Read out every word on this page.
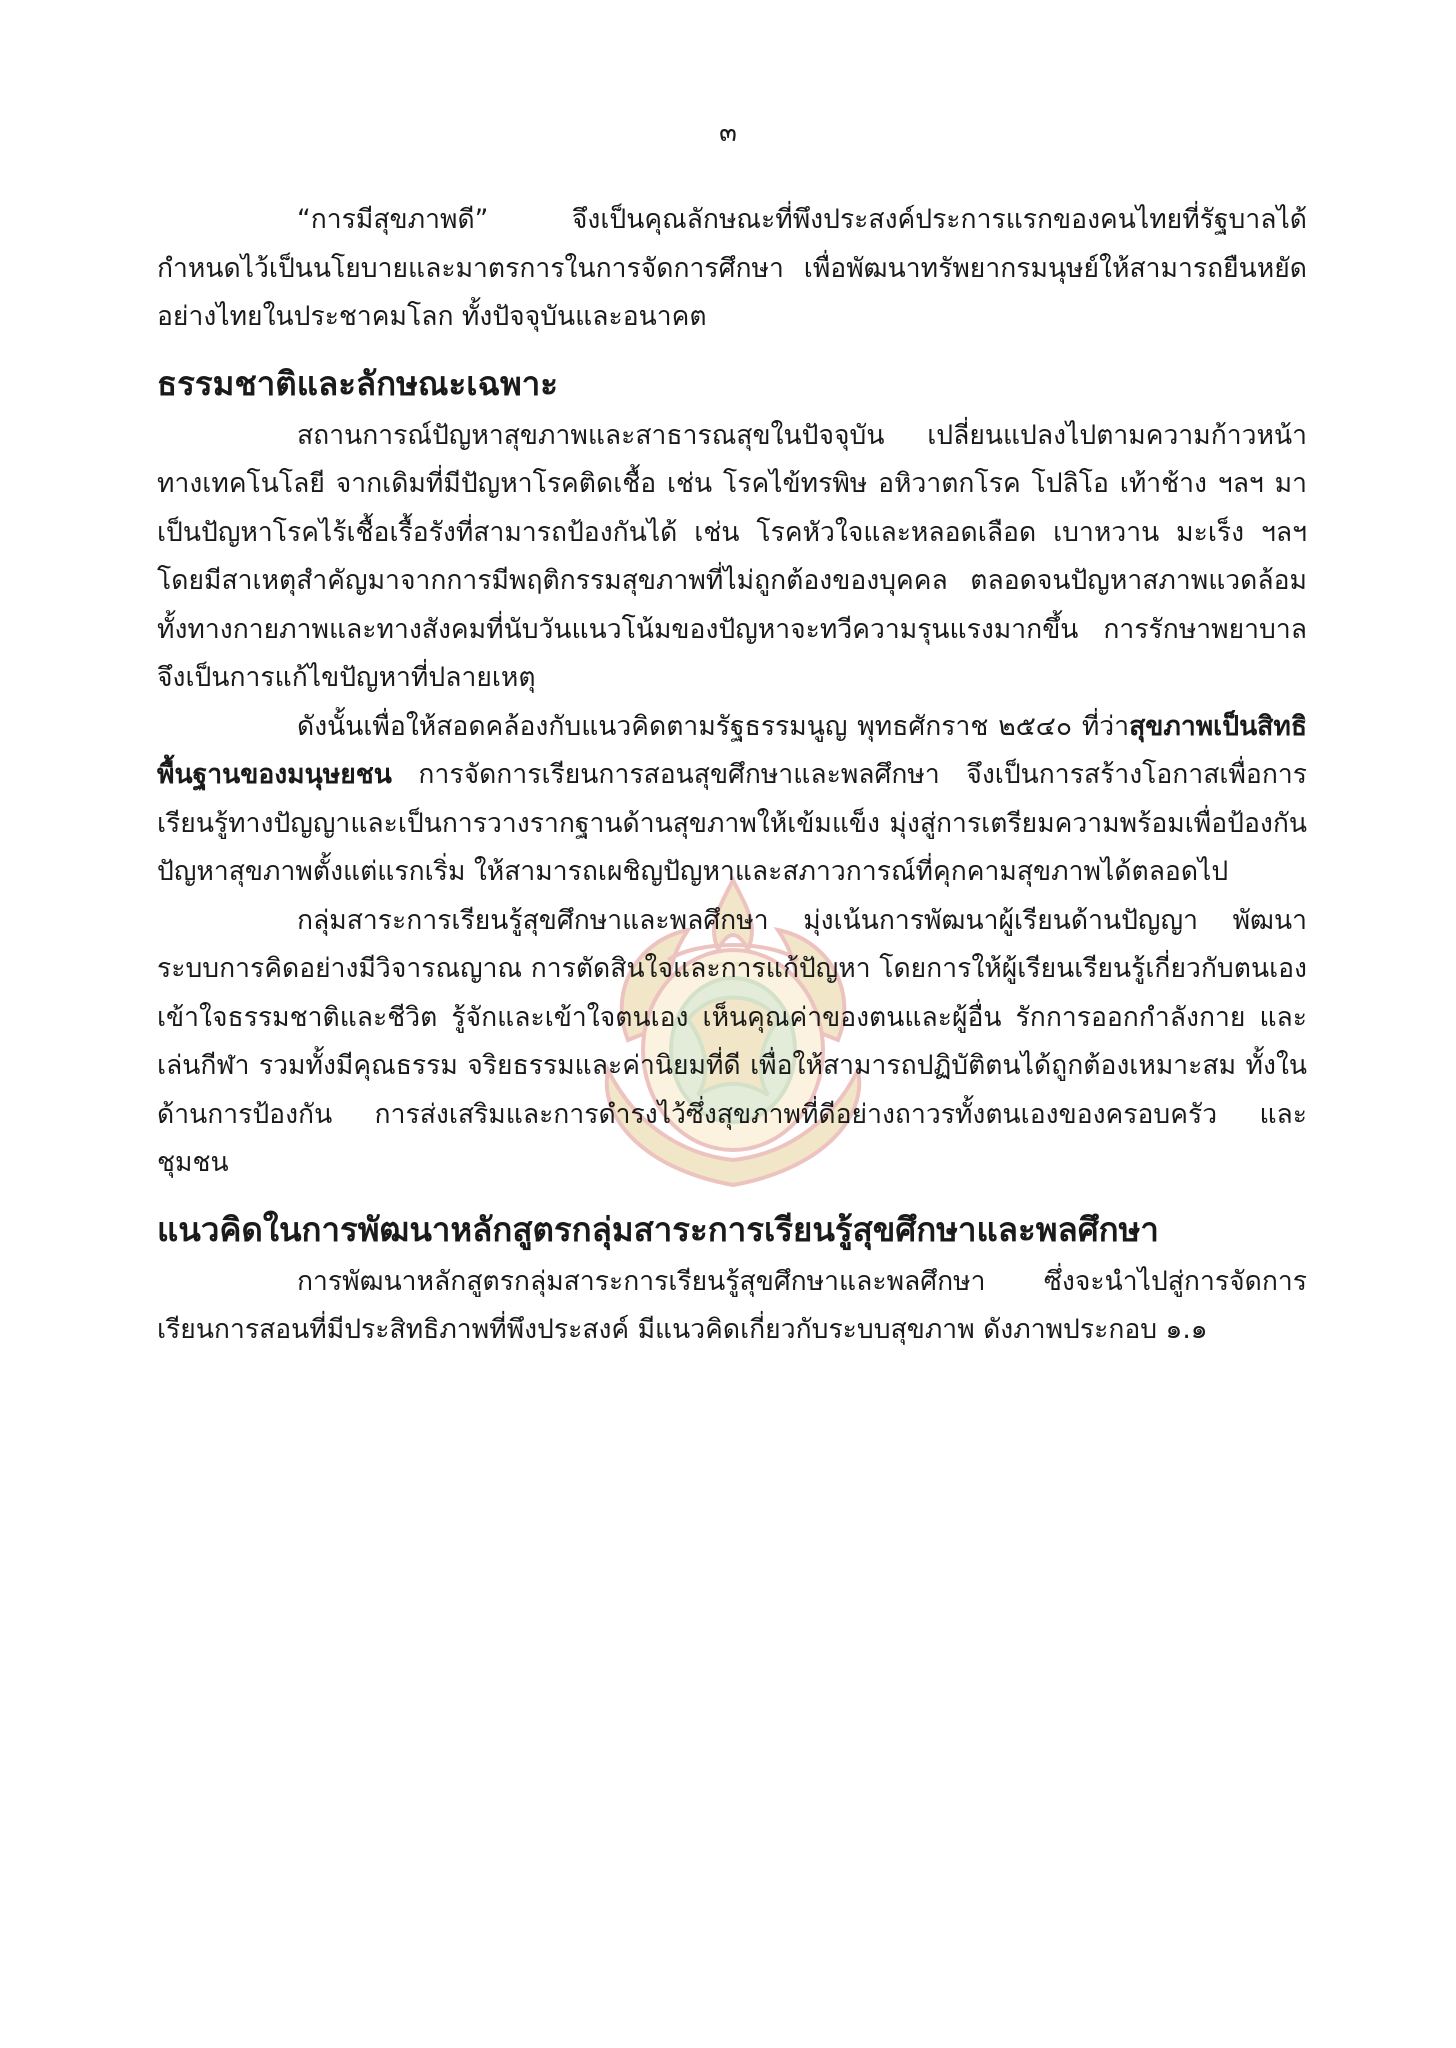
๓

“การมีสุขภาพดี” จึงเป็นคุณลักษณะที่พึงประสงค์ประการแรกของคนไทยที่รัฐบาลได้กำหนดไว้เป็นนโยบายและมาตรการในการจัดการศึกษา เพื่อพัฒนาทรัพยากรมนุษย์ให้สามารถยืนหยัดอย่างไทยในประชาคมโลก ทั้งปัจจุบันและอนาคต

ธรรมชาติและลักษณะเฉพาะ

สถานการณ์ปัญหาสุขภาพและสาธารณสุขในปัจจุบัน เปลี่ยนแปลงไปตามความก้าวหน้าทางเทคโนโลยี จากเดิมที่มีปัญหาโรคติดเชื้อ เช่น โรคไข้ทรพิษ อหิวาตกโรค โปลิโอ เท้าช้าง ฯลฯ มาเป็นปัญหาโรคไร้เชื้อเรื้อรังที่สามารถป้องกันได้ เช่น โรคหัวใจและหลอดเลือด เบาหวาน มะเร็ง ฯลฯ โดยมีสาเหตุสำคัญมาจากการมีพฤติกรรมสุขภาพที่ไม่ถูกต้องของบุคคล ตลอดจนปัญหาสภาพแวดล้อมทั้งทางกายภาพและทางสังคมที่นับวันแนวโน้มของปัญหาจะทวีความรุนแรงมากขึ้น การรักษาพยาบาลจึงเป็นการแก้ไขปัญหาที่ปลายเหตุ

ดังนั้นเพื่อให้สอดคล้องกับแนวคิดตามรัฐธรรมนูญ พุทธศักราช ๒๕๔๐ ที่ว่าสุขภาพเป็นสิทธิพื้นฐานของมนุษยชน การจัดการเรียนการสอนสุขศึกษาและพลศึกษา จึงเป็นการสร้างโอกาสเพื่อการเรียนรู้ทางปัญญาและเป็นการวางรากฐานด้านสุขภาพให้เข้มแข็ง มุ่งสู่การเตรียมความพร้อมเพื่อป้องกันปัญหาสุขภาพตั้งแต่แรกเริ่ม ให้สามารถเผชิญปัญหาและสภาวการณ์ที่คุกคามสุขภาพได้ตลอดไป

กลุ่มสาระการเรียนรู้สุขศึกษาและพลศึกษา มุ่งเน้นการพัฒนาผู้เรียนด้านปัญญา พัฒนาระบบการคิดอย่างมีวิจารณญาณ การตัดสินใจและการแก้ปัญหา โดยการให้ผู้เรียนเรียนรู้เกี่ยวกับตนเอง เข้าใจธรรมชาติและชีวิต รู้จักและเข้าใจตนเอง เห็นคุณค่าของตนและผู้อื่น รักการออกกำลังกาย และเล่นกีฬา รวมทั้งมีคุณธรรม จริยธรรมและค่านิยมที่ดี เพื่อให้สามารถปฏิบัติตนได้ถูกต้องเหมาะสม ทั้งในด้านการป้องกัน การส่งเสริมและการดำรงไว้ซึ่งสุขภาพที่ดีอย่างถาวรทั้งตนเองของครอบครัว และชุมชน

แนวคิดในการพัฒนาหลักสูตรกลุ่มสาระการเรียนรู้สุขศึกษาและพลศึกษา

การพัฒนาหลักสูตรกลุ่มสาระการเรียนรู้สุขศึกษาและพลศึกษา ซึ่งจะนำไปสู่การจัดการเรียนการสอนที่มีประสิทธิภาพที่พึงประสงค์ มีแนวคิดเกี่ยวกับระบบสุขภาพ ดังภาพประกอบ ๑.๑
